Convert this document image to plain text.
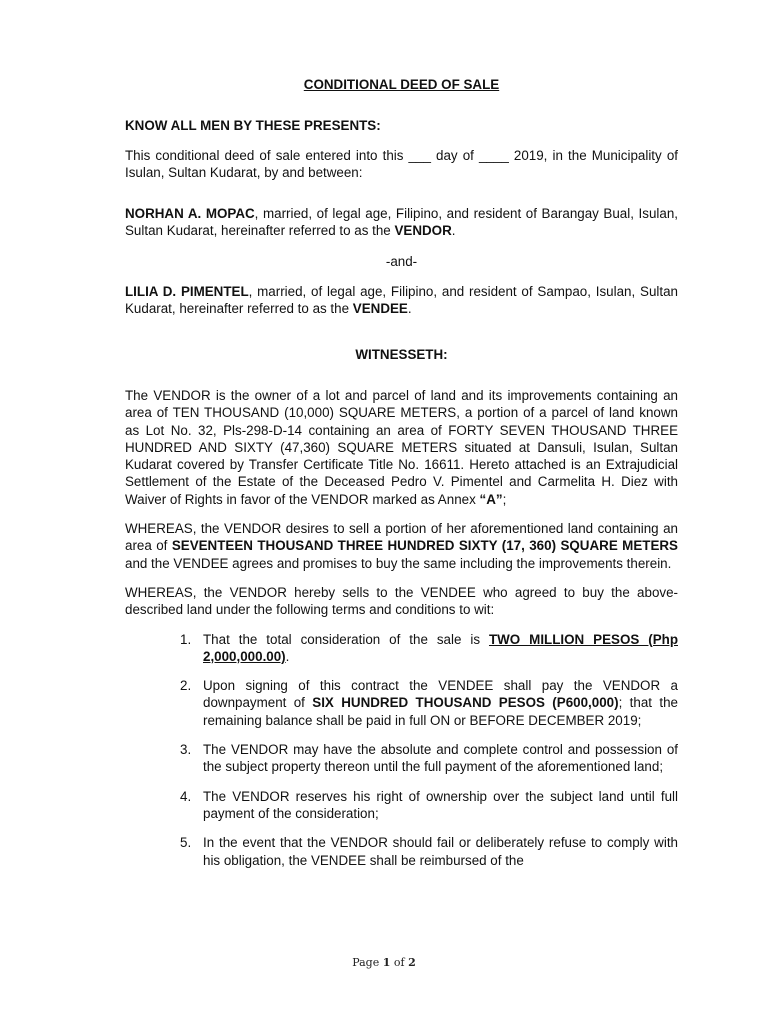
CONDITIONAL DEED OF SALE
KNOW ALL MEN BY THESE PRESENTS:

This conditional deed of sale entered into this ___ day of ____ 2019, in the Municipality of Isulan, Sultan Kudarat, by and between:

NORHAN A. MOPAC, married, of legal age, Filipino, and resident of Barangay Bual, Isulan, Sultan Kudarat, hereinafter referred to as the VENDOR.

-and-

LILIA D. PIMENTEL, married, of legal age, Filipino, and resident of Sampao, Isulan, Sultan Kudarat, hereinafter referred to as the VENDEE.

WITNESSETH:

The VENDOR is the owner of a lot and parcel of land and its improvements containing an area of TEN THOUSAND (10,000) SQUARE METERS, a portion of a parcel of land known as Lot No. 32, Pls-298-D-14 containing an area of FORTY SEVEN THOUSAND THREE HUNDRED AND SIXTY (47,360) SQUARE METERS situated at Dansuli, Isulan, Sultan Kudarat covered by Transfer Certificate Title No. 16611. Hereto attached is an Extrajudicial Settlement of the Estate of the Deceased Pedro V. Pimentel and Carmelita H. Diez with Waiver of Rights in favor of the VENDOR marked as Annex “A”;

WHEREAS, the VENDOR desires to sell a portion of her aforementioned land containing an area of SEVENTEEN THOUSAND THREE HUNDRED SIXTY (17, 360) SQUARE METERS and the VENDEE agrees and promises to buy the same including the improvements therein.

WHEREAS, the VENDOR hereby sells to the VENDEE who agreed to buy the above-described land under the following terms and conditions to wit:

1. That the total consideration of the sale is TWO MILLION PESOS (Php 2,000,000.00).
2. Upon signing of this contract the VENDEE shall pay the VENDOR a downpayment of SIX HUNDRED THOUSAND PESOS (P600,000); that the remaining balance shall be paid in full ON or BEFORE DECEMBER 2019;
3. The VENDOR may have the absolute and complete control and possession of the subject property thereon until the full payment of the aforementioned land;
4. The VENDOR reserves his right of ownership over the subject land until full payment of the consideration;
5. In the event that the VENDOR should fail or deliberately refuse to comply with his obligation, the VENDEE shall be reimbursed of the
Page 1 of 2
